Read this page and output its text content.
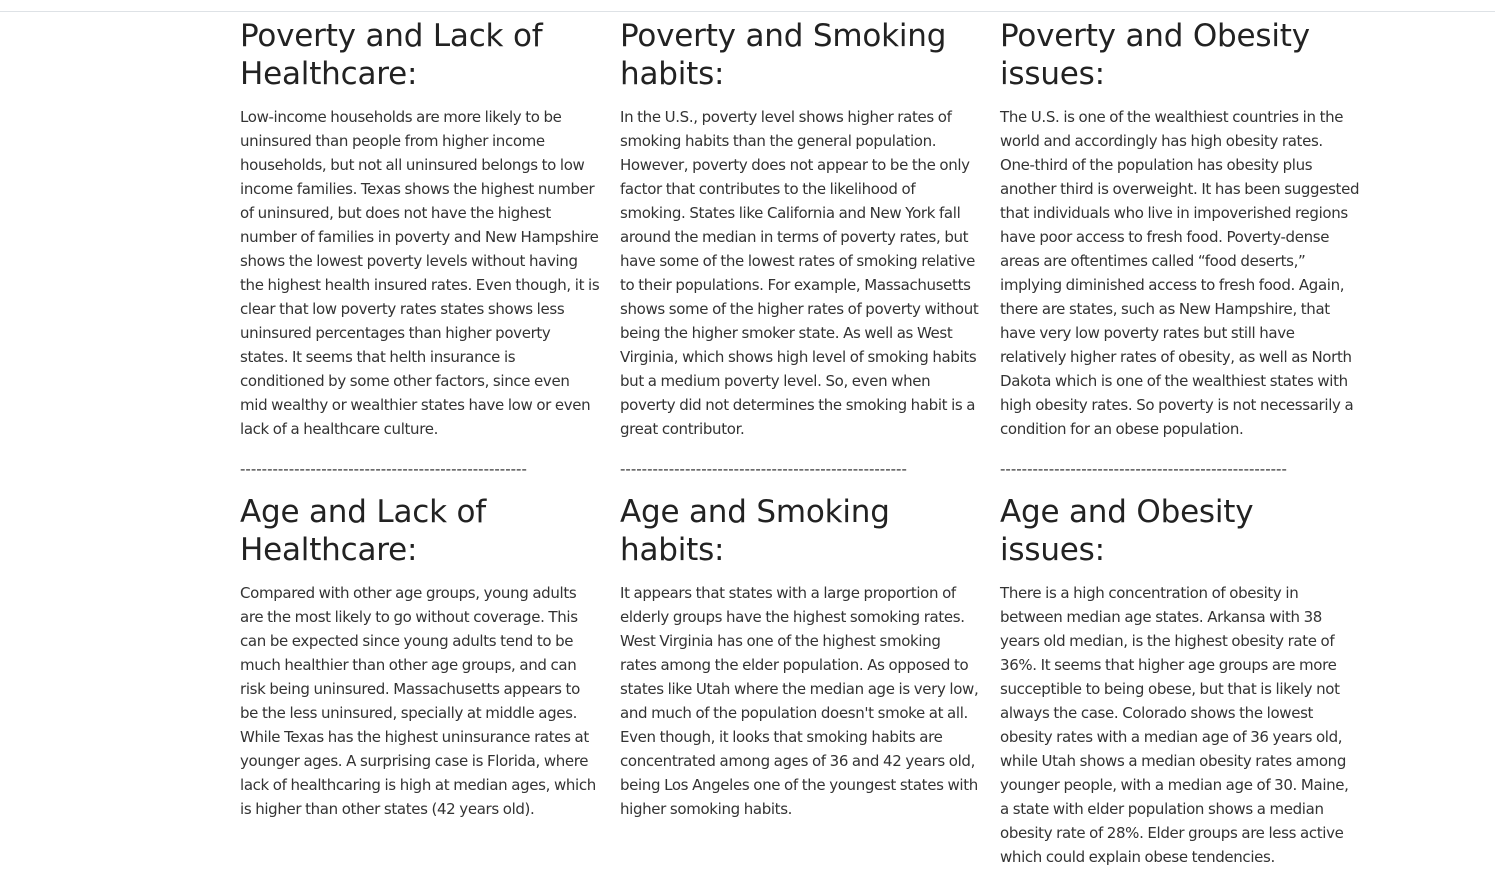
Poverty and Lack of Healthcare:

Low-income households are more likely to be uninsured than people from higher income households, but not all uninsured belongs to low income families. Texas shows the highest number of uninsured, but does not have the highest number of families in poverty and New Hampshire shows the lowest poverty levels without having the highest health insured rates. Even though, it is clear that low poverty rates states shows less uninsured percentages than higher poverty states. It seems that helth insurance is conditioned by some other factors, since even mid wealthy or wealthier states have low or even lack of a healthcare culture.

-----------------------------------------------------
Poverty and Smoking habits:

In the U.S., poverty level shows higher rates of smoking habits than the general population. However, poverty does not appear to be the only factor that contributes to the likelihood of smoking. States like California and New York fall around the median in terms of poverty rates, but have some of the lowest rates of smoking relative to their populations. For example, Massachusetts shows some of the higher rates of poverty without being the higher smoker state. As well as West Virginia, which shows high level of smoking habits but a medium poverty level. So, even when poverty did not determines the smoking habit is a great contributor.

-----------------------------------------------------
Poverty and Obesity issues:

The U.S. is one of the wealthiest countries in the world and accordingly has high obesity rates. One-third of the population has obesity plus another third is overweight. It has been suggested that individuals who live in impoverished regions have poor access to fresh food. Poverty-dense areas are oftentimes called “food deserts,” implying diminished access to fresh food. Again, there are states, such as New Hampshire, that have very low poverty rates but still have relatively higher rates of obesity, as well as North Dakota which is one of the wealthiest states with high obesity rates. So poverty is not necessarily a condition for an obese population.

-----------------------------------------------------
Age and Lack of Healthcare:

Compared with other age groups, young adults are the most likely to go without coverage. This can be expected since young adults tend to be much healthier than other age groups, and can risk being uninsured. Massachusetts appears to be the less uninsured, specially at middle ages. While Texas has the highest uninsurance rates at younger ages. A surprising case is Florida, where lack of healthcaring is high at median ages, which is higher than other states (42 years old).

Age and Smoking habits:

It appears that states with a large proportion of elderly groups have the highest somoking rates. West Virginia has one of the highest smoking rates among the elder population. As opposed to states like Utah where the median age is very low, and much of the population doesn't smoke at all. Even though, it looks that smoking habits are concentrated among ages of 36 and 42 years old, being Los Angeles one of the youngest states with higher somoking habits.

Age and Obesity issues:

There is a high concentration of obesity in between median age states. Arkansa with 38 years old median, is the highest obesity rate of 36%. It seems that higher age groups are more succeptible to being obese, but that is likely not always the case. Colorado shows the lowest obesity rates with a median age of 36 years old, while Utah shows a median obesity rates among younger people, with a median age of 30. Maine, a state with elder population shows a median obesity rate of 28%. Elder groups are less active which could explain obese tendencies.
